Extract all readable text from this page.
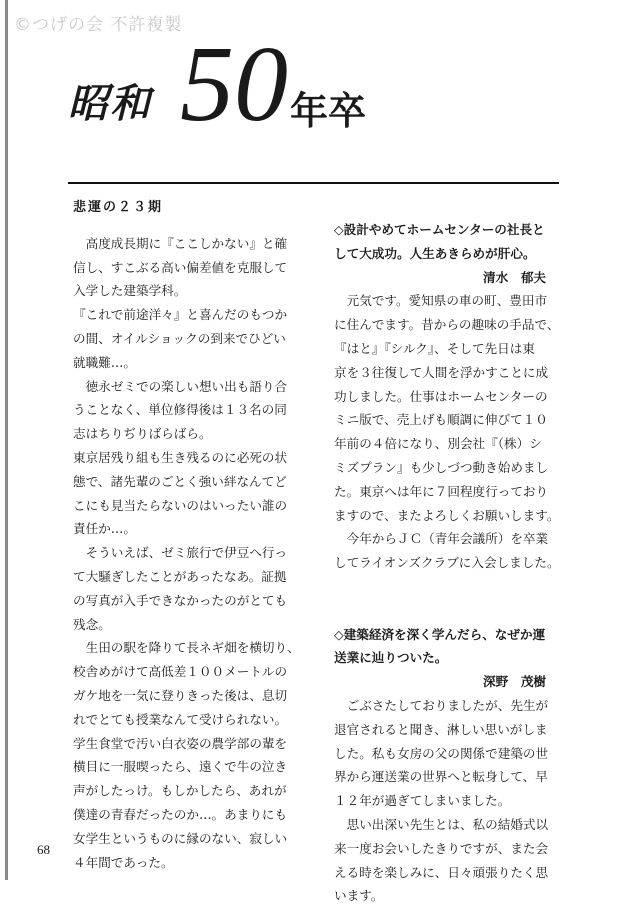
©つげの会 不許複製
昭和 50 年卒

悲運の２３期

　高度成長期に『ここしかない』と確

信し、すこぶる高い偏差値を克服して

入学した建築学科。

『これで前途洋々』と喜んだのもつか

の間、オイルショックの到来でひどい

就職難…。

　徳永ゼミでの楽しい想い出も語り合

うことなく、単位修得後は１３名の同

志はちりぢりばらばら。

東京居残り組も生き残るのに必死の状

態で、諸先輩のごとく強い絆なんてど

こにも見当たらないのはいったい誰の

責任か…。

　そういえば、ゼミ旅行で伊豆へ行っ

て大騒ぎしたことがあったなあ。証拠

の写真が入手できなかったのがとても

残念。

　生田の駅を降りて長ネギ畑を横切り、

校舎めがけて高低差１００メートルの

ガケ地を一気に登りきった後は、息切

れでとても授業なんて受けられない。

学生食堂で汚い白衣姿の農学部の輩を

横目に一服喫ったら、遠くで牛の泣き

声がしたっけ。もしかしたら、あれが

僕達の青春だったのか…。あまりにも

女学生というものに縁のない、寂しい

４年間であった。

◇設計やめてホームセンターの社長と

して大成功。人生あきらめが肝心。

清水　郁夫

　元気です。愛知県の車の町、豊田市

に住んでます。昔からの趣味の手品で、

『はと』『シルク』、そして先日は東

京を３往復して人間を浮かすことに成

功しました。仕事はホームセンターの

ミニ版で、売上げも順調に伸びて１０

年前の４倍になり、別会社『（株）シ

ミズプラン』も少しづつ動き始めまし

た。東京へは年に７回程度行っており

ますので、またよろしくお願いします。

　今年からＪＣ（青年会議所）を卒業

してライオンズクラブに入会しました。

◇建築経済を深く学んだら、なぜか運

送業に辿りついた。

深野　茂樹

　ごぶさたしておりましたが、先生が

退官されると聞き、淋しい思いがしま

した。私も女房の父の関係で建築の世

界から運送業の世界へと転身して、早

１２年が過ぎてしまいました。

　思い出深い先生とは、私の結婚式以

来一度お会いしたきりですが、また会

える時を楽しみに、日々頑張りたく思

います。

68
